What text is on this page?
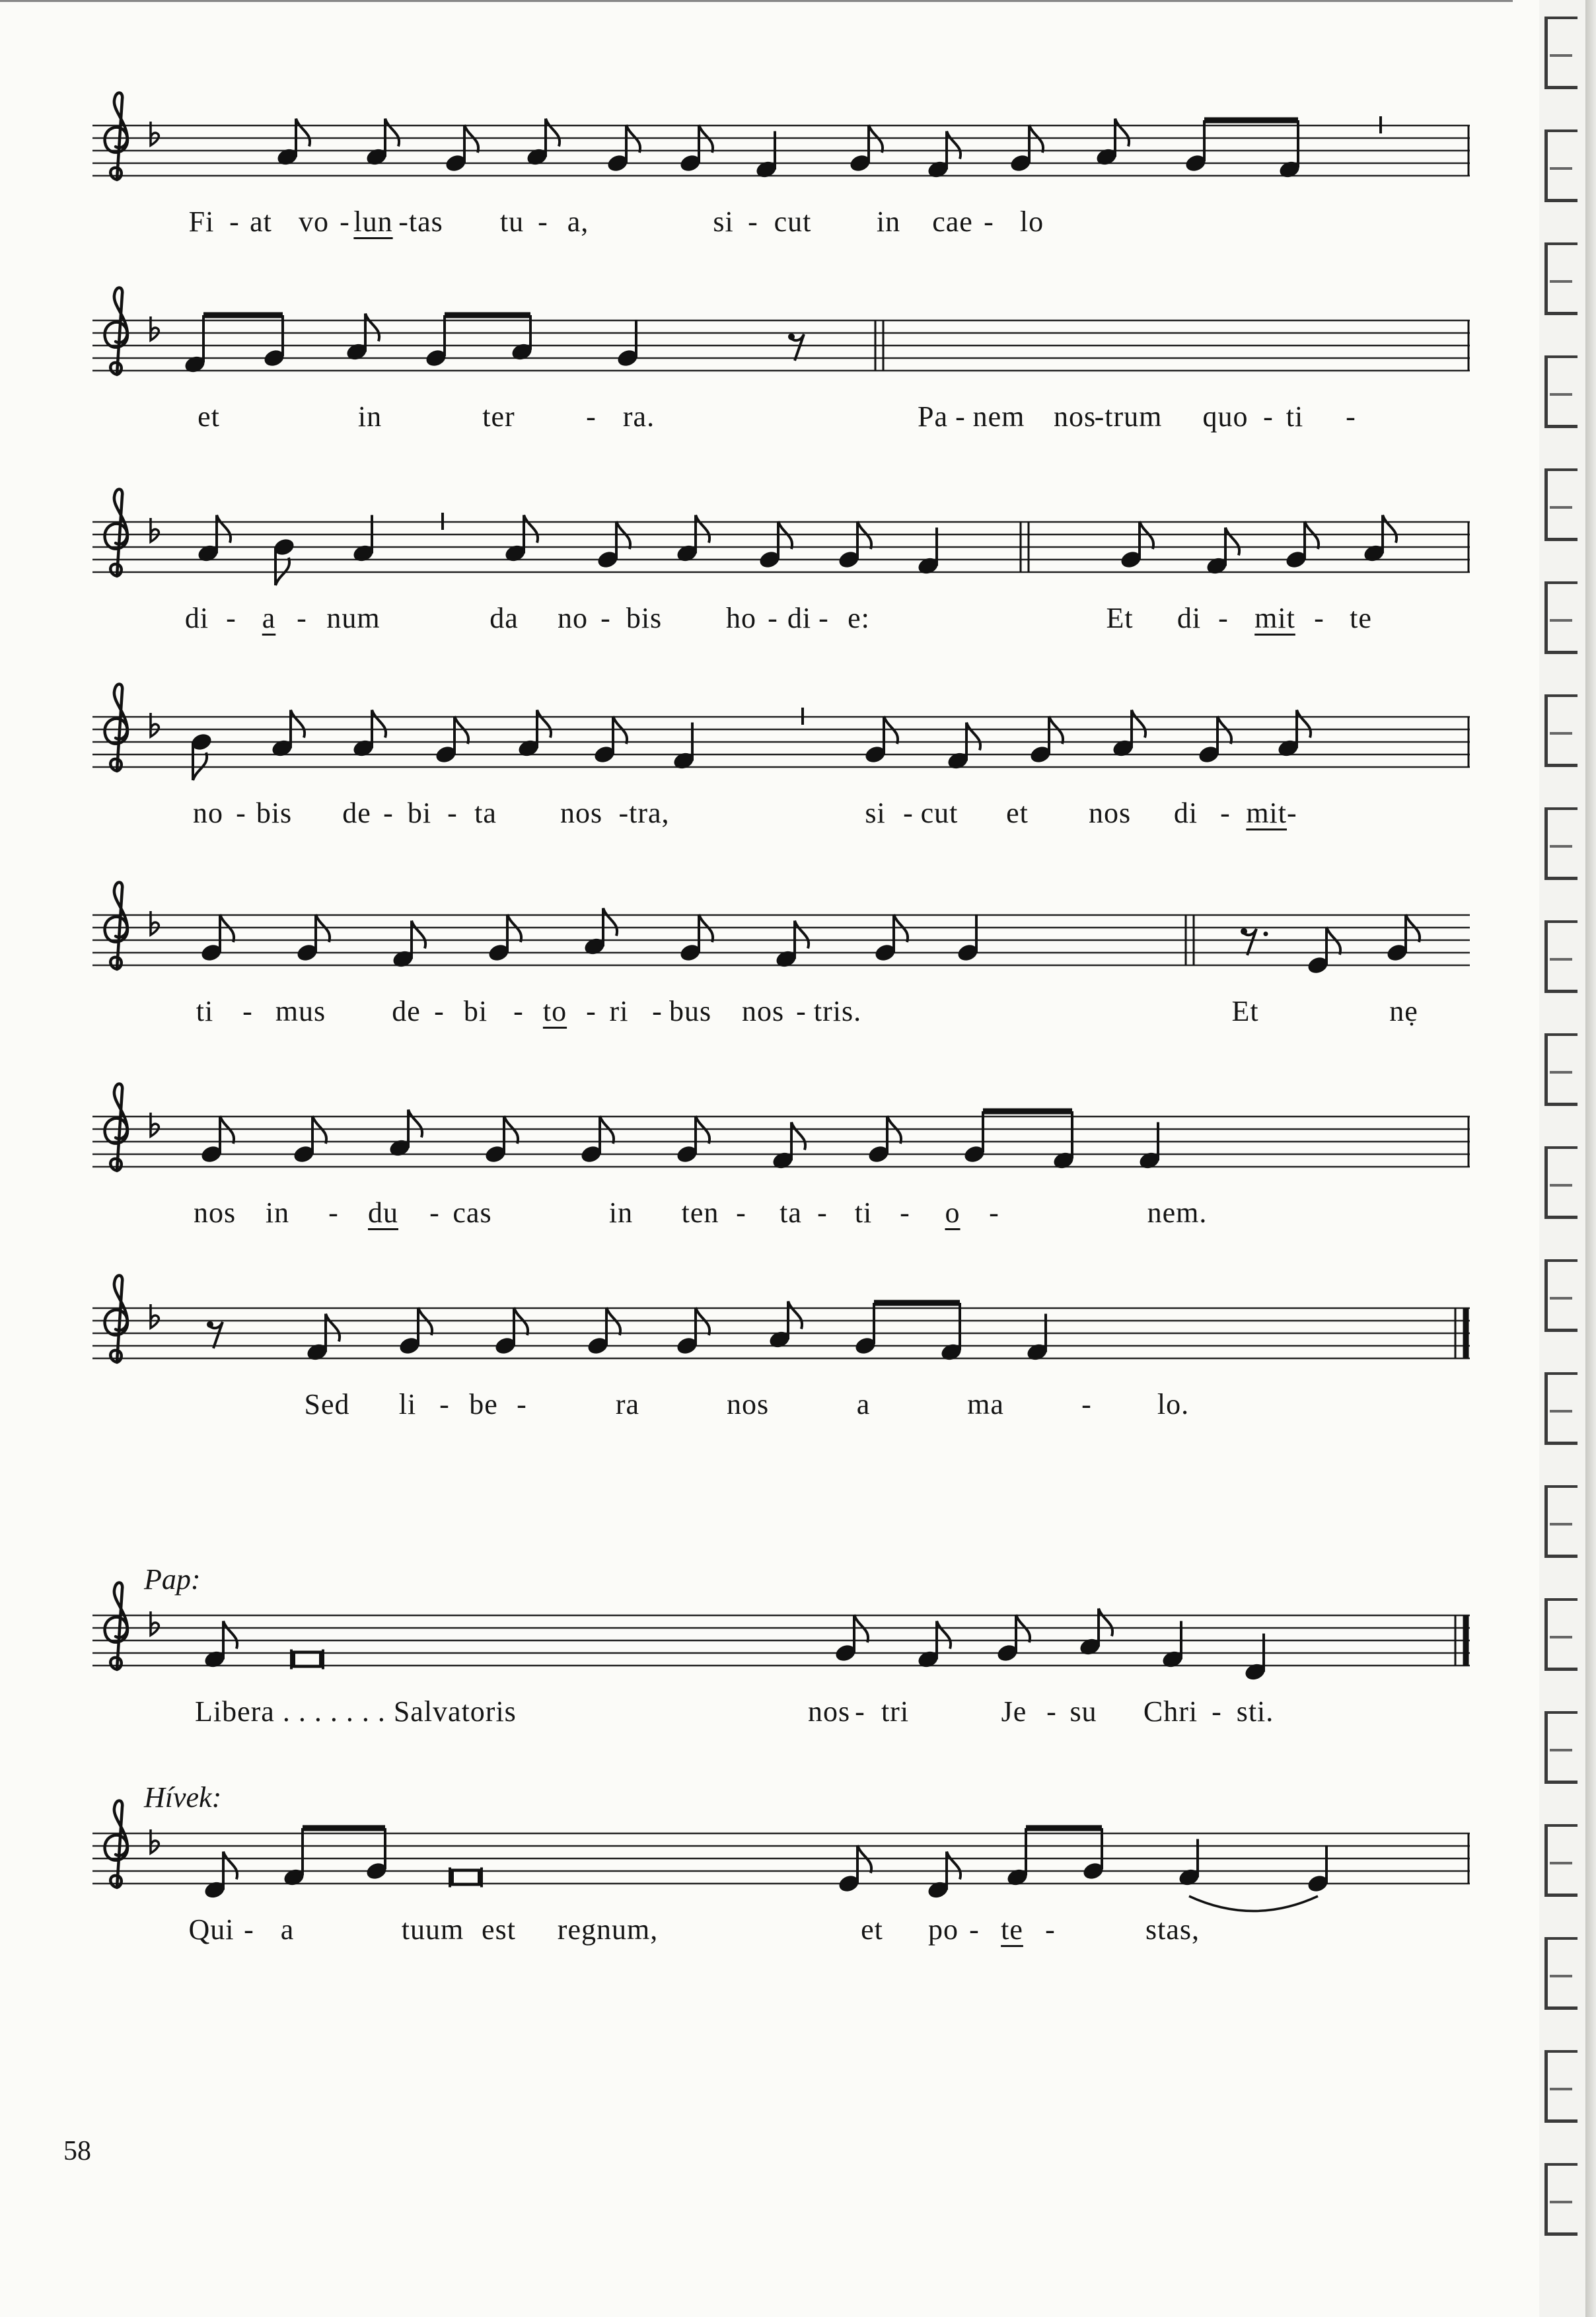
Fi - at vo - lun -tas tu - a,	si - cut in cae - lo
et	in	ter - ra.	Pa - nem nos
-trum quo - ti -
di - a - num	da no - bis ho - di - e:	Et di - mit - te
no - bis de - bi - ta nos -tra,	si - cut et nos di - mit-
ti - mus de - bi - to - ri - bus nos - tris.	Et	nẹ
nos in - du - cas	in ten - ta - ti - o -	nem.
Sed li - be -	ra	nos	a	ma	- lo.
Pap:
Libera . . . . . . . Salvatoris	nos - tri	Je - su Chri - sti.
Hívek:
Qui - a	tuum est regnum,	et po - te -	stas,
58
